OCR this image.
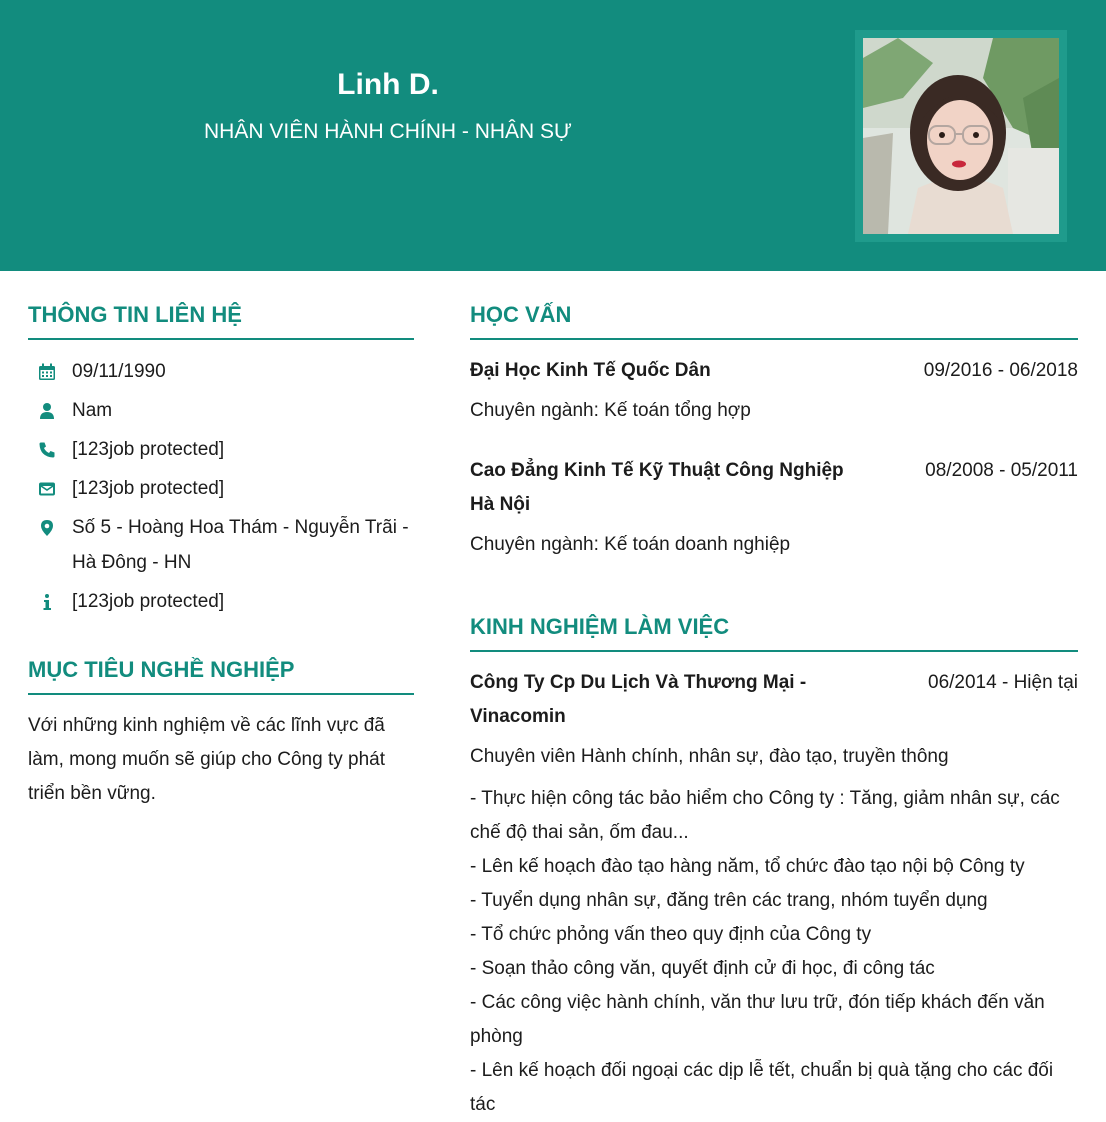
Linh D.
NHÂN VIÊN HÀNH CHÍNH - NHÂN SỰ
THÔNG TIN LIÊN HỆ
09/11/1990
Nam
[123job protected]
[123job protected]
Số 5 - Hoàng Hoa Thám - Nguyễn Trãi - Hà Đông - HN
[123job protected]
MỤC TIÊU NGHỀ NGHIỆP
Với những kinh nghiệm về các lĩnh vực đã làm, mong muốn sẽ giúp cho Công ty phát triển bền vững.
HỌC VẤN
Đại Học Kinh Tế Quốc Dân	09/2016 - 06/2018
Chuyên ngành: Kế toán tổng hợp
Cao Đẳng Kinh Tế Kỹ Thuật Công Nghiệp Hà Nội
08/2008 - 05/2011
Chuyên ngành: Kế toán doanh nghiệp
KINH NGHIỆM LÀM VIỆC
Công Ty Cp Du Lịch Và Thương Mại - Vinacomin
06/2014 - Hiện tại
Chuyên viên Hành chính, nhân sự, đào tạo, truyền thông
- Thực hiện công tác bảo hiểm cho Công ty : Tăng, giảm nhân sự, các chế độ thai sản, ốm đau...
- Lên kế hoạch đào tạo hàng năm, tổ chức đào tạo nội bộ Công ty
- Tuyển dụng nhân sự, đăng trên các trang, nhóm tuyển dụng
- Tổ chức phỏng vấn theo quy định của Công ty
- Soạn thảo công văn, quyết định cử đi học, đi công tác
- Các công việc hành chính, văn thư lưu trữ, đón tiếp khách đến văn phòng
- Lên kế hoạch đối ngoại các dịp lễ tết, chuẩn bị quà tặng cho các đối tác
